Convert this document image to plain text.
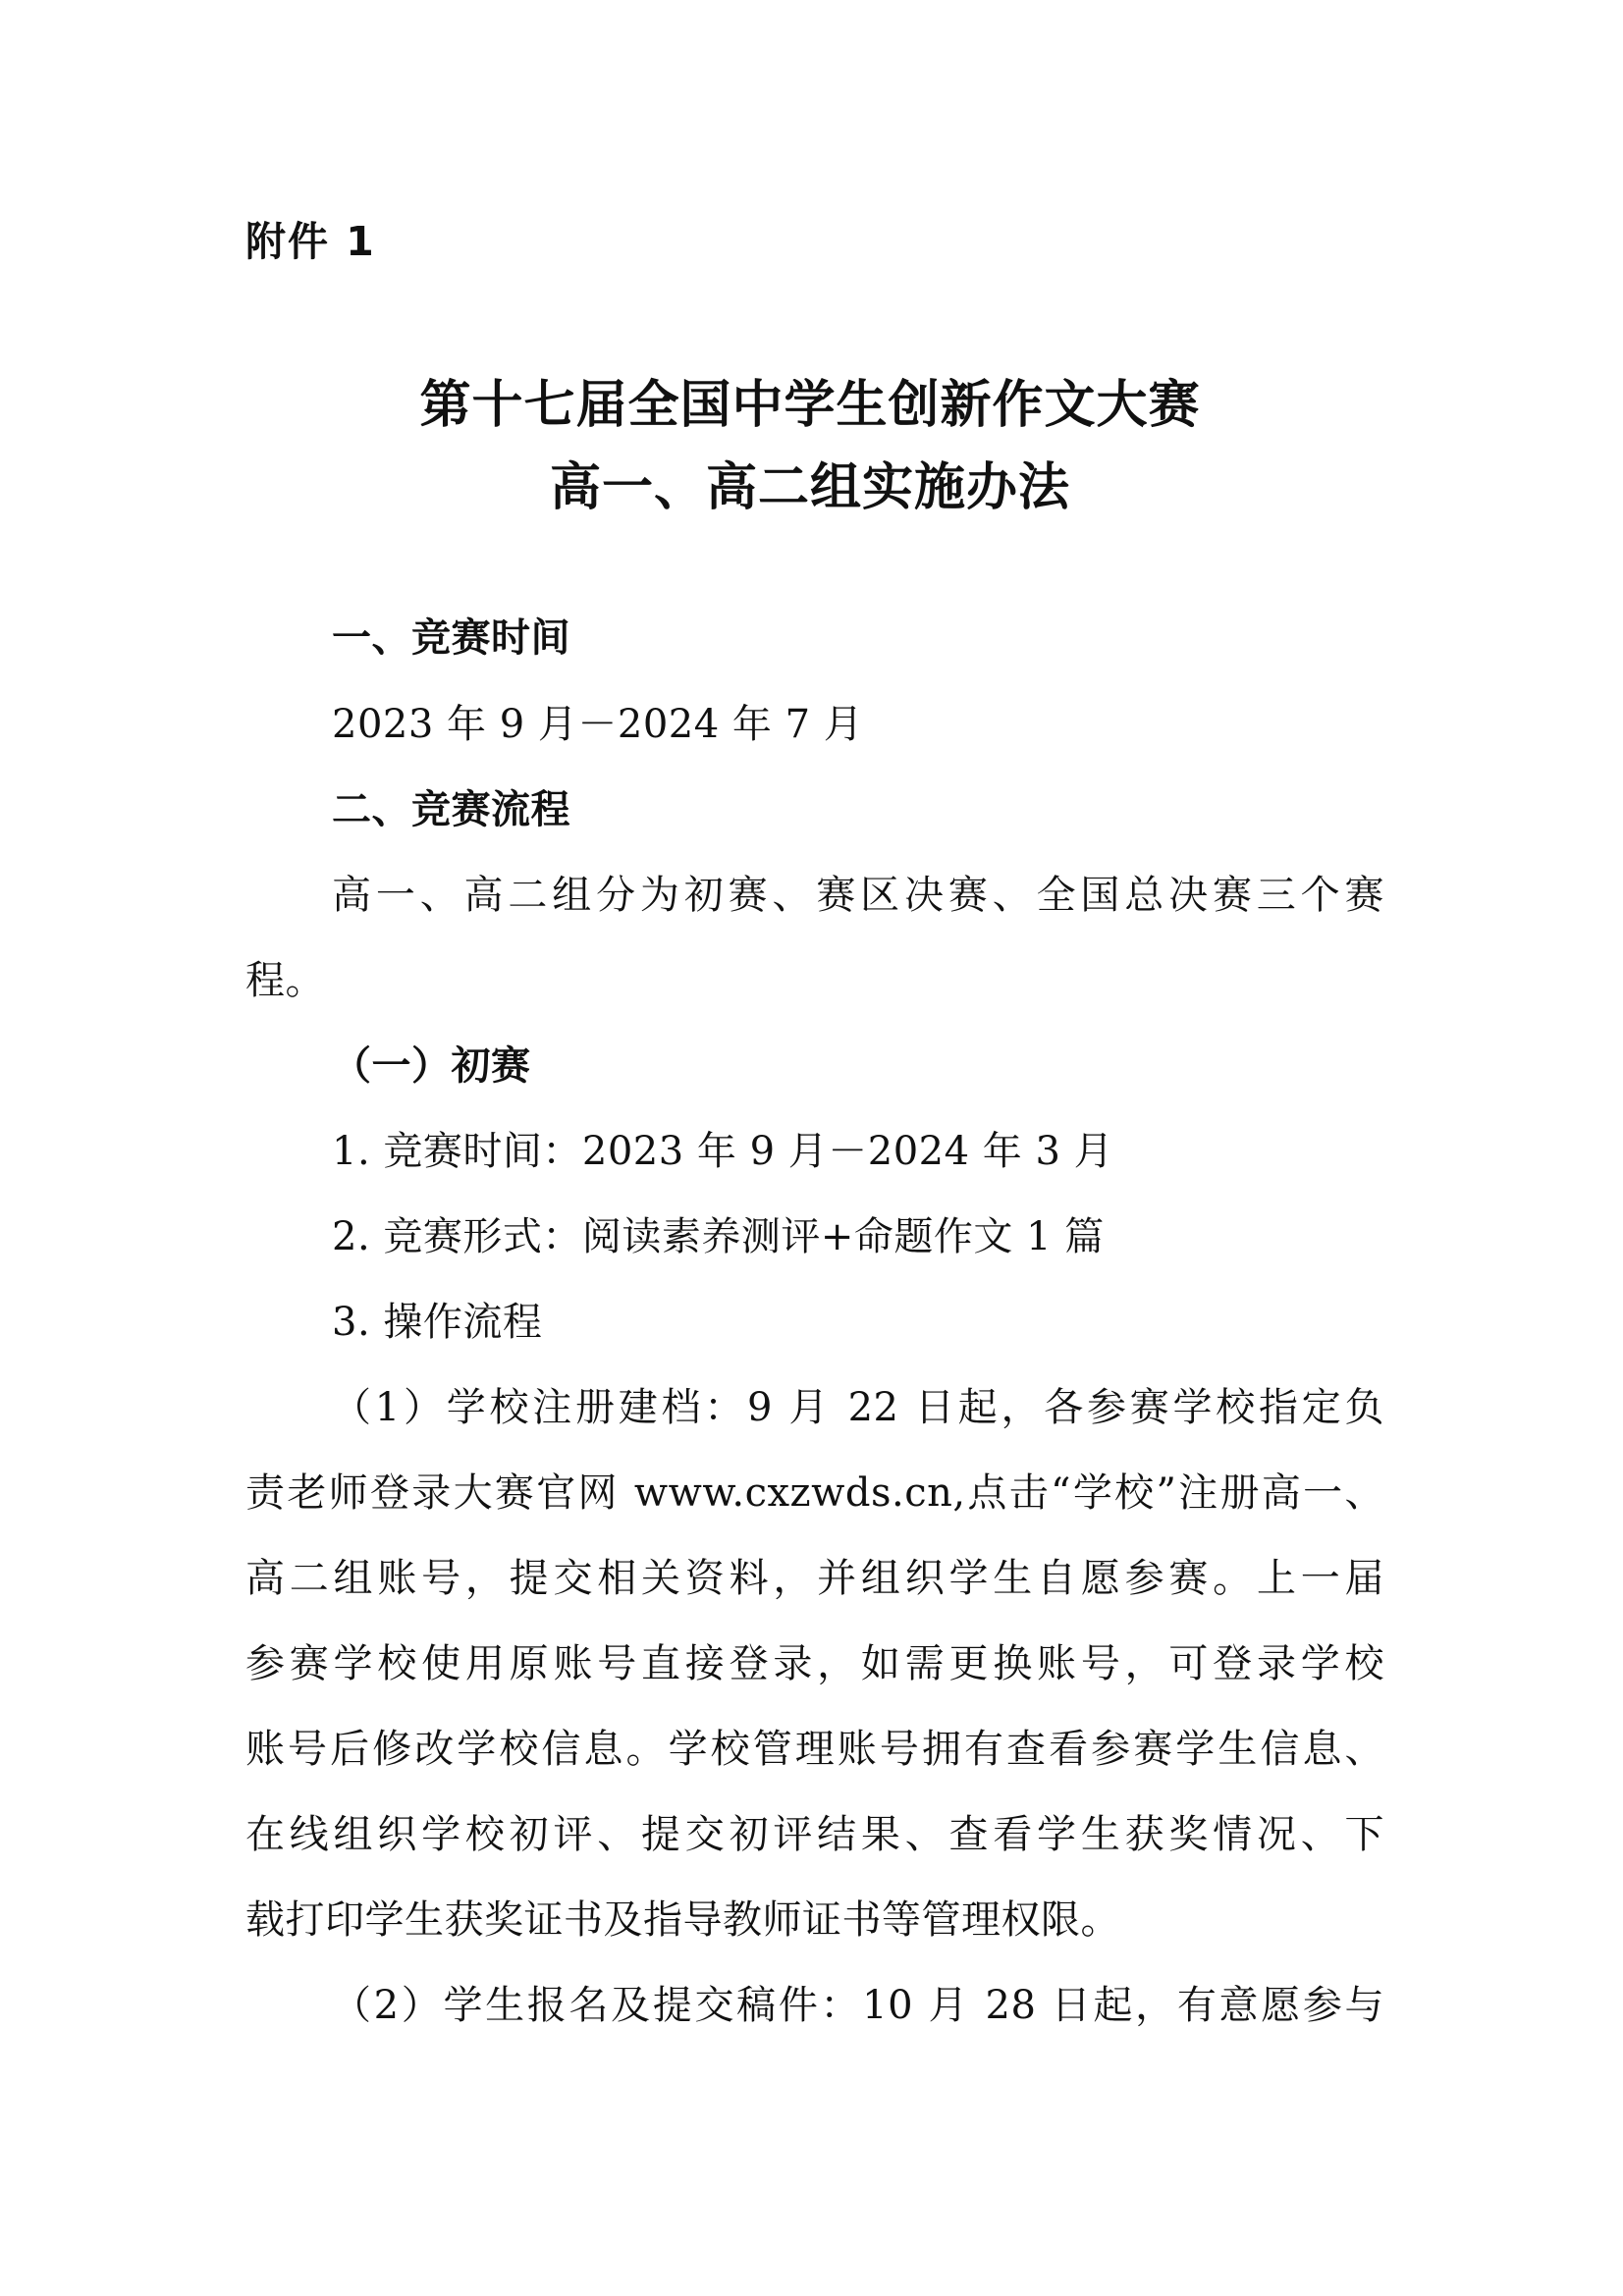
附件 1
第十七届全国中学生创新作文大赛
高一、高二组实施办法
一、竞赛时间
2023 年 9 月－2024 年 7 月
二、竞赛流程
高一、高二组分为初赛、赛区决赛、全国总决赛三个赛
程。
（一）初赛
1. 竞赛时间：2023 年 9 月－2024 年 3 月
2. 竞赛形式：阅读素养测评+命题作文 1 篇
3. 操作流程
（1）学校注册建档：9 月 22 日起，各参赛学校指定负
责老师登录大赛官网 www.cxzwds.cn,点击“学校”注册高一、
高二组账号，提交相关资料，并组织学生自愿参赛。上一届
参赛学校使用原账号直接登录，如需更换账号，可登录学校
账号后修改学校信息。学校管理账号拥有查看参赛学生信息、
在线组织学校初评、提交初评结果、查看学生获奖情况、下
载打印学生获奖证书及指导教师证书等管理权限。
（2）学生报名及提交稿件：10 月 28 日起，有意愿参与
